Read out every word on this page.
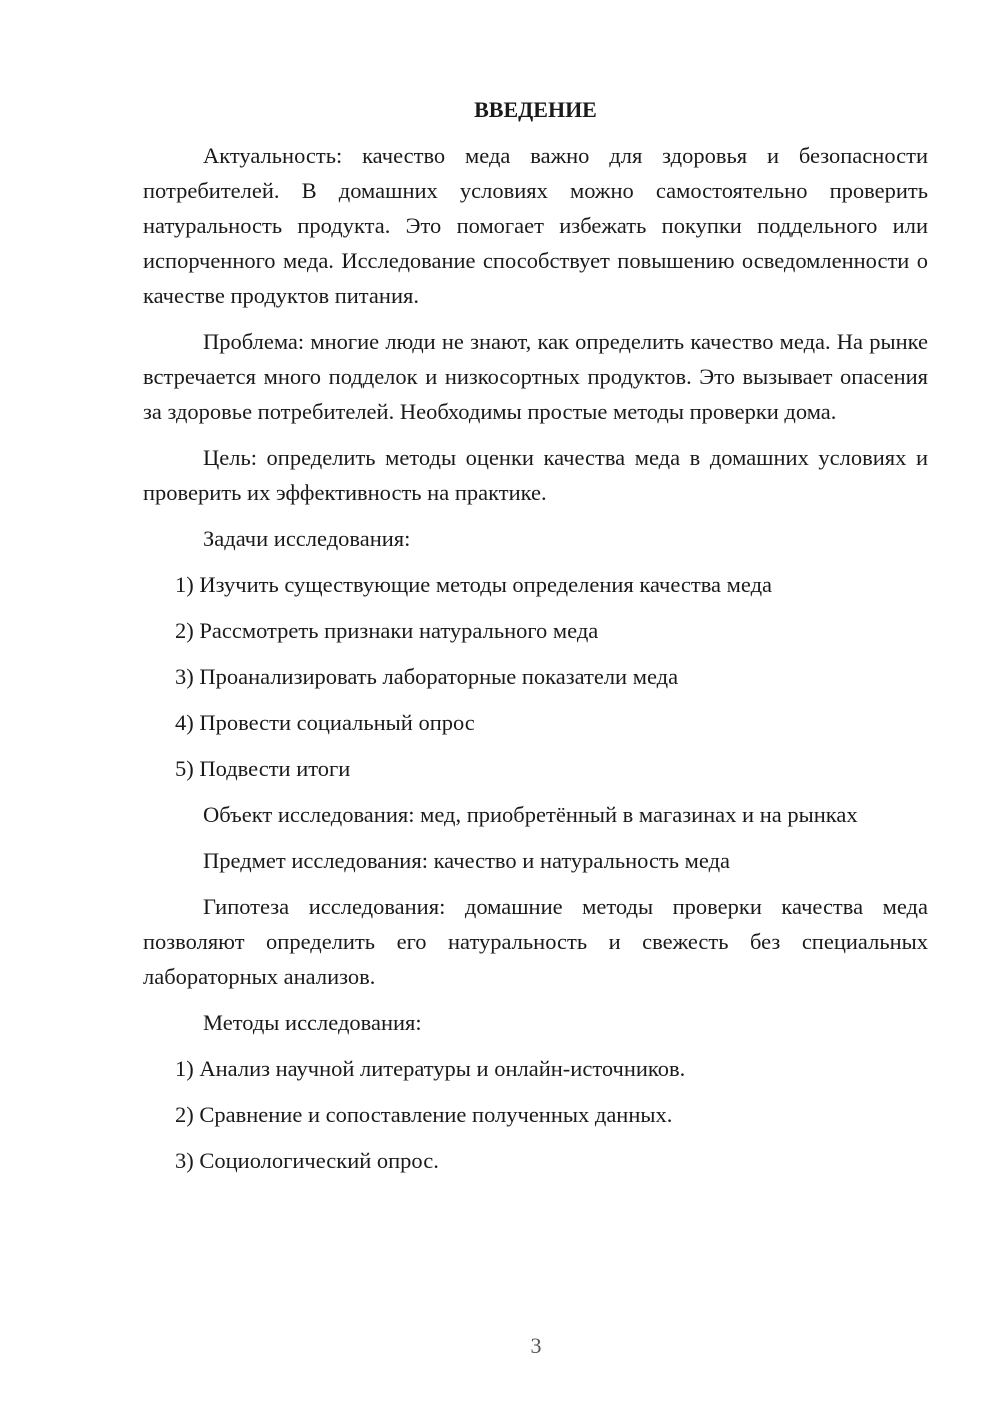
ВВЕДЕНИЕ

Актуальность: качество меда важно для здоровья и безопасности потребителей. В домашних условиях можно самостоятельно проверить натуральность продукта. Это помогает избежать покупки поддельного или испорченного меда. Исследование способствует повышению осведомленности о качестве продуктов питания.

Проблема: многие люди не знают, как определить качество меда. На рынке встречается много подделок и низкосортных продуктов. Это вызывает опасения за здоровье потребителей. Необходимы простые методы проверки дома.

Цель: определить методы оценки качества меда в домашних условиях и проверить их эффективность на практике.

Задачи исследования:
1) Изучить существующие методы определения качества меда
2) Рассмотреть признаки натурального меда
3) Проанализировать лабораторные показатели меда
4) Провести социальный опрос
5) Подвести итоги
Объект исследования: мед, приобретённый в магазинах и на рынках
Предмет исследования: качество и натуральность меда

Гипотеза исследования: домашние методы проверки качества меда позволяют определить его натуральность и свежесть без специальных лабораторных анализов.

Методы исследования:
1) Анализ научной литературы и онлайн-источников.
2) Сравнение и сопоставление полученных данных.
3) Социологический опрос.
3
